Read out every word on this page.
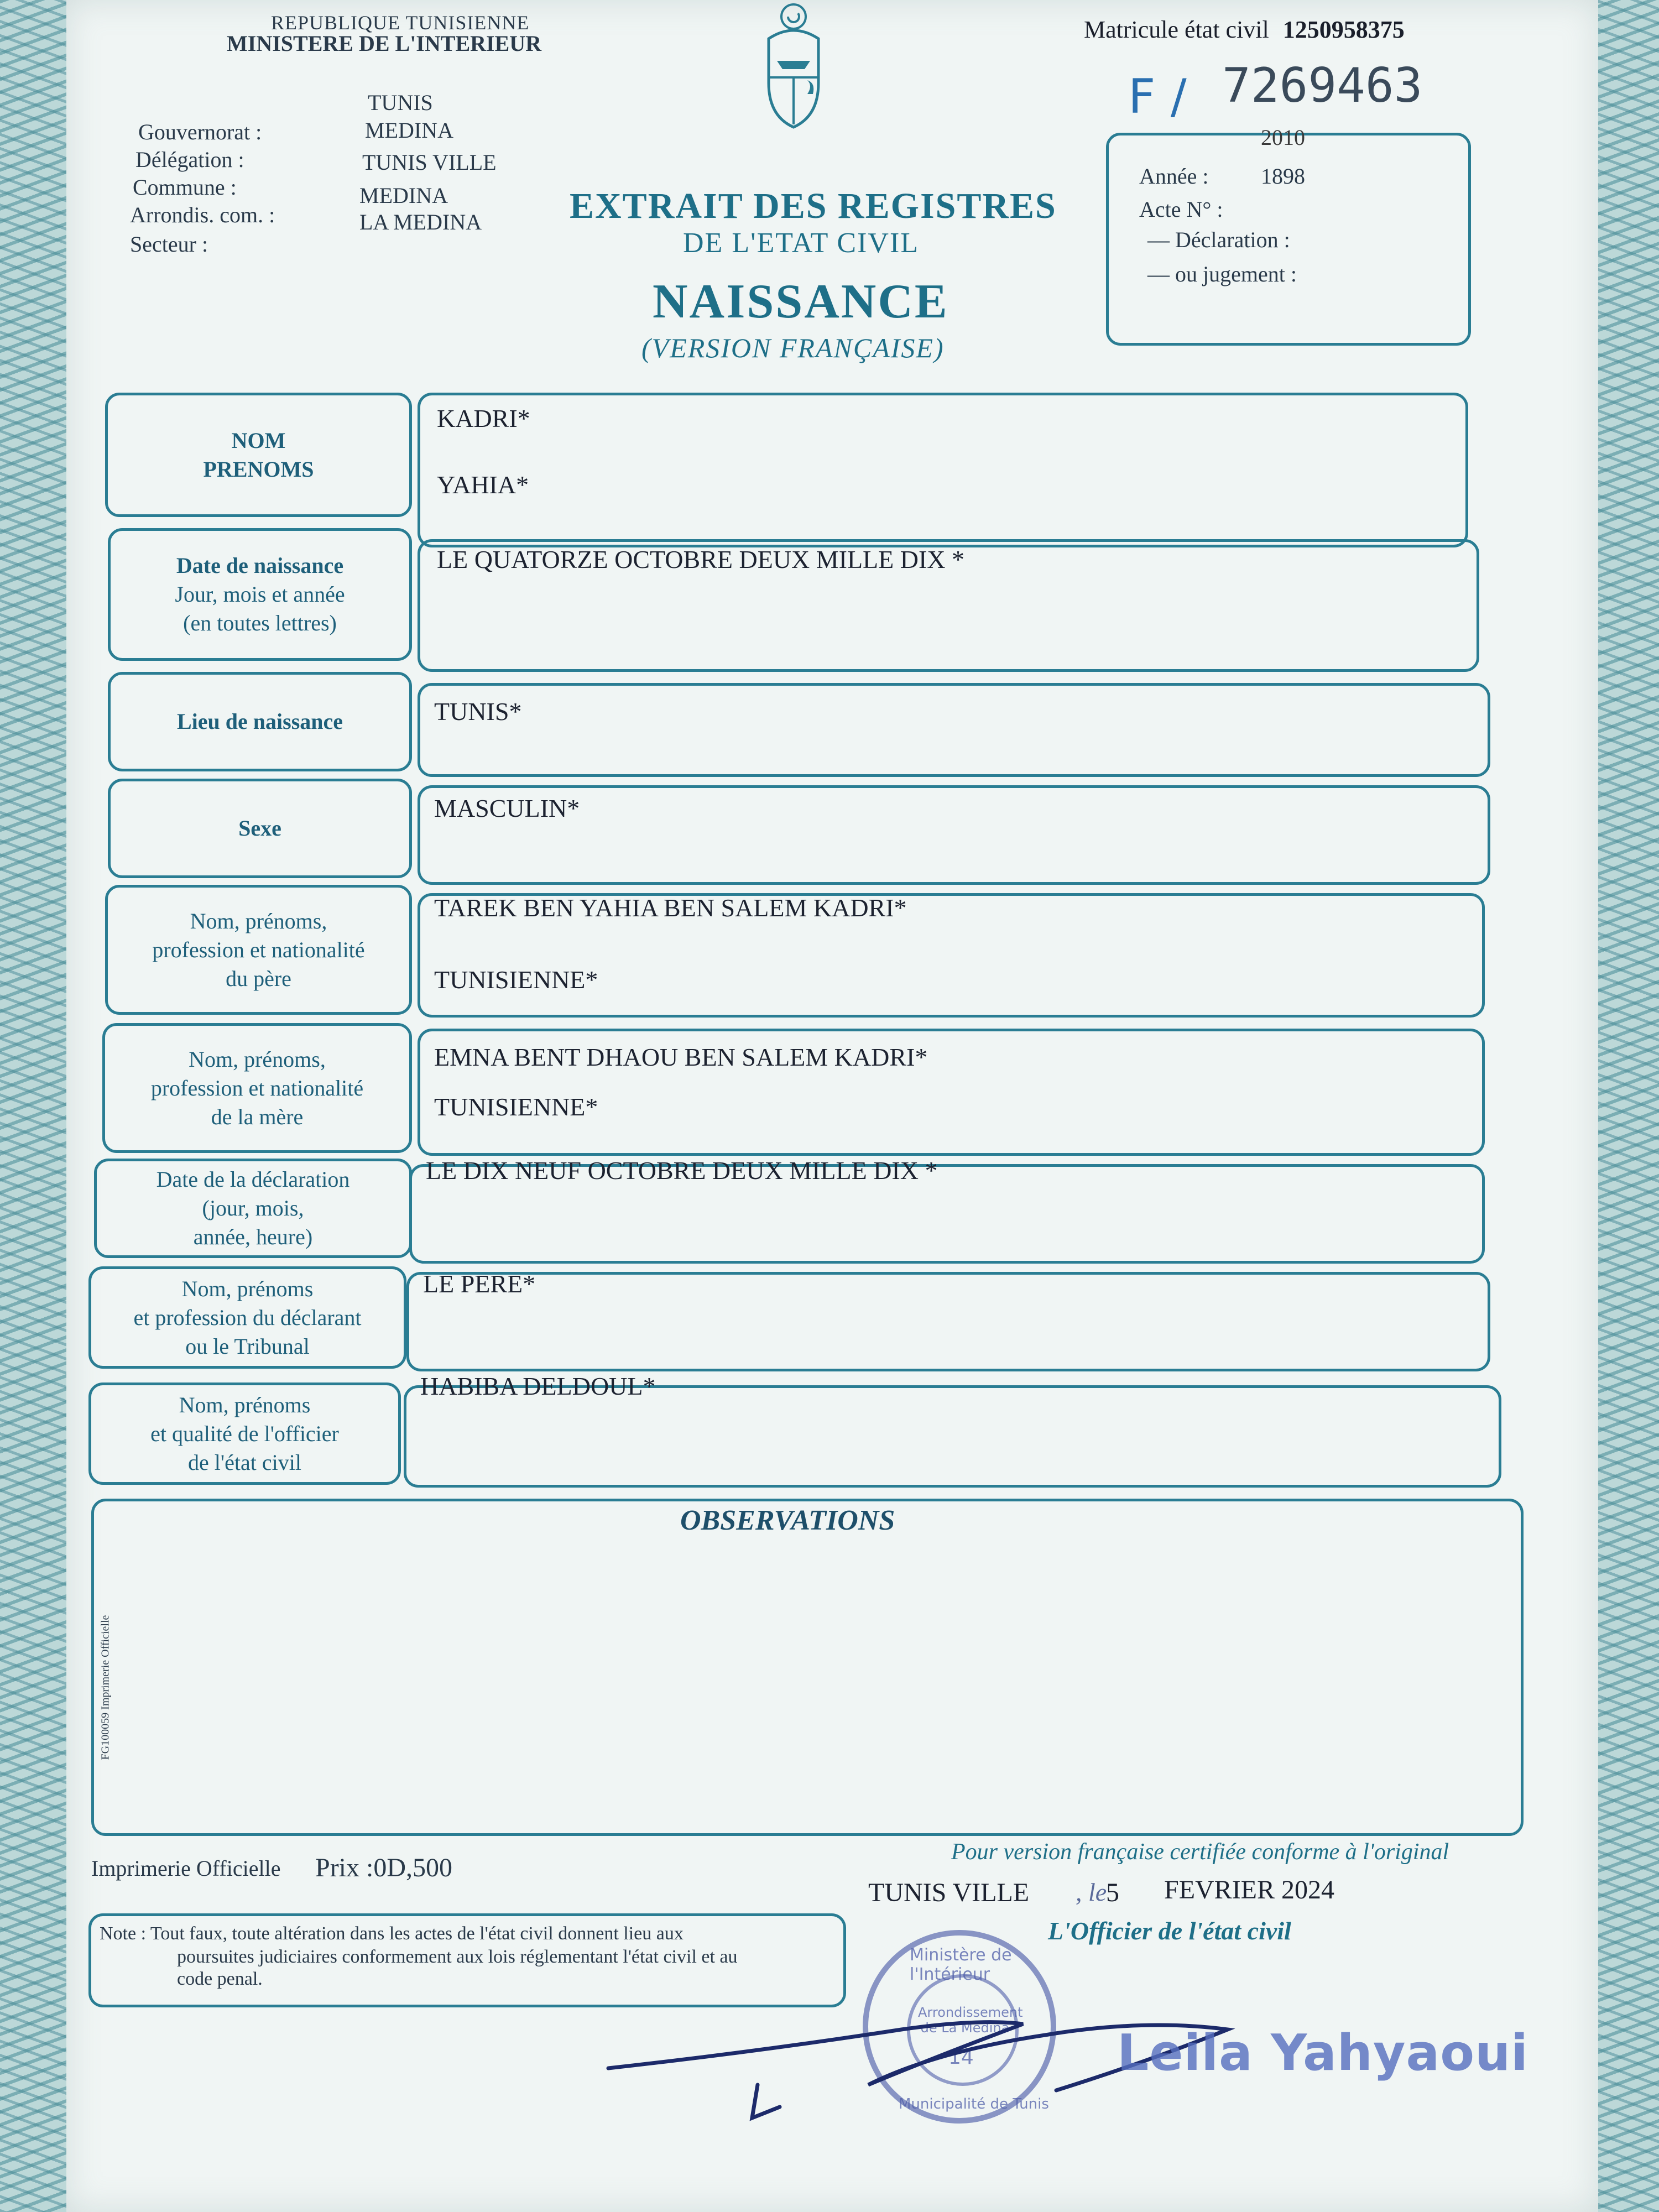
REPUBLIQUE TUNISIENNE
MINISTERE DE L'INTERIEUR
Matricule état civil 1250958375
F / 7269463
Gouvernorat :
Délégation :
Commune :
Arrondis. com. :
Secteur :
TUNIS
MEDINA
TUNIS VILLE
MEDINA
LA MEDINA EXTRAIT DES REGISTRES
DE L'ETAT CIVIL
NAISSANCE
(VERSION FRANÇAISE)
2010
Année : 1898
Acte N° :
— Déclaration :
— ou jugement :
NOM
PRENOMS
KADRI*
YAHIA*
Date de naissance
Jour, mois et année
(en toutes lettres)
LE QUATORZE OCTOBRE DEUX MILLE DIX *
Lieu de naissance	TUNIS*
Sexe
MASCULIN*
Nom, prénoms,
profession et nationalité
du père
TAREK BEN YAHIA BEN SALEM KADRI*
TUNISIENNE*
Nom, prénoms,
profession et nationalité
de la mère
EMNA BENT DHAOU BEN SALEM KADRI*
TUNISIENNE*
Date de la déclaration
(jour, mois,
année, heure)
LE DIX NEUF OCTOBRE DEUX MILLE DIX *
Nom, prénoms
et profession du déclarant
ou le Tribunal
LE PERE*
Nom, prénoms
et qualité de l'officier
de l'état civil
HABIBA DELDOUL*
OBSERVATIONS
FG100059 Imprimerie Officielle
Imprimerie Officielle Prix :0D,500
Pour version française certifiée conforme à l'original
TUNIS VILLE , le
5 FEVRIER 2024
L'Officier de l'état civil
Note : Tout faux, toute altération dans les actes de l'état civil donnent lieu aux
poursuites judiciaires conformement aux lois réglementant l'état civil et au
code penal.
Ministère de l'Intérieur
Arrondissement de La Medina
14
Municipalité de Tunis
Leila Yahyaoui
